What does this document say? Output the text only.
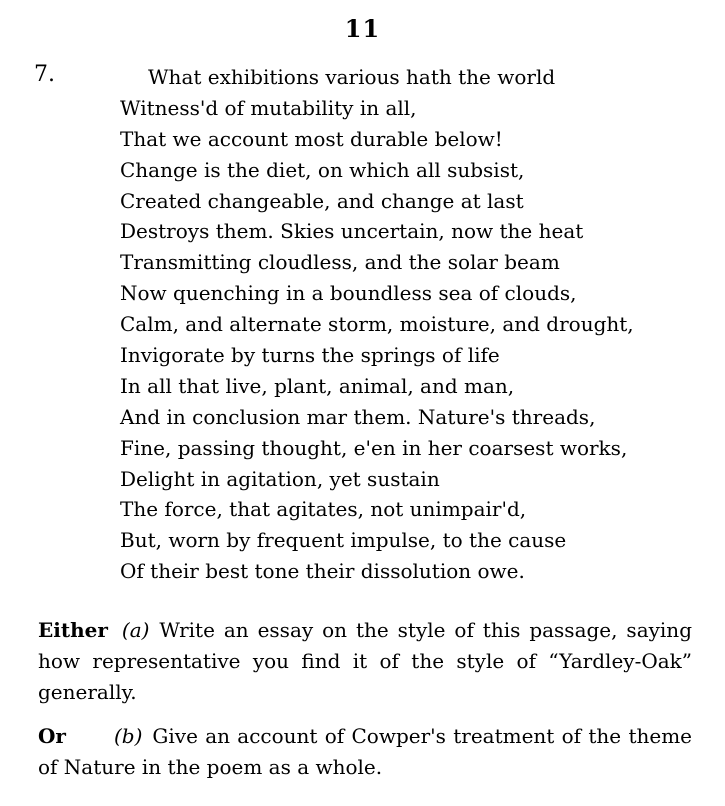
11
7.	What exhibitions various hath the world
Witness'd of mutability in all,
That we account most durable below!
Change is the diet, on which all subsist,
Created changeable, and change at last
Destroys them. Skies uncertain, now the heat
Transmitting cloudless, and the solar beam
Now quenching in a boundless sea of clouds,
Calm, and alternate storm, moisture, and drought,
Invigorate by turns the springs of life
In all that live, plant, animal, and man,
And in conclusion mar them. Nature's threads,
Fine, passing thought, e'en in her coarsest works,
Delight in agitation, yet sustain
The force, that agitates, not unimpair'd,
But, worn by frequent impulse, to the cause
Of their best tone their dissolution owe.
Either (a) Write an essay on the style of this passage, saying how representative you find it of the style of “Yardley-Oak” generally.
Or (b) Give an account of Cowper's treatment of the theme of Nature in the poem as a whole.
